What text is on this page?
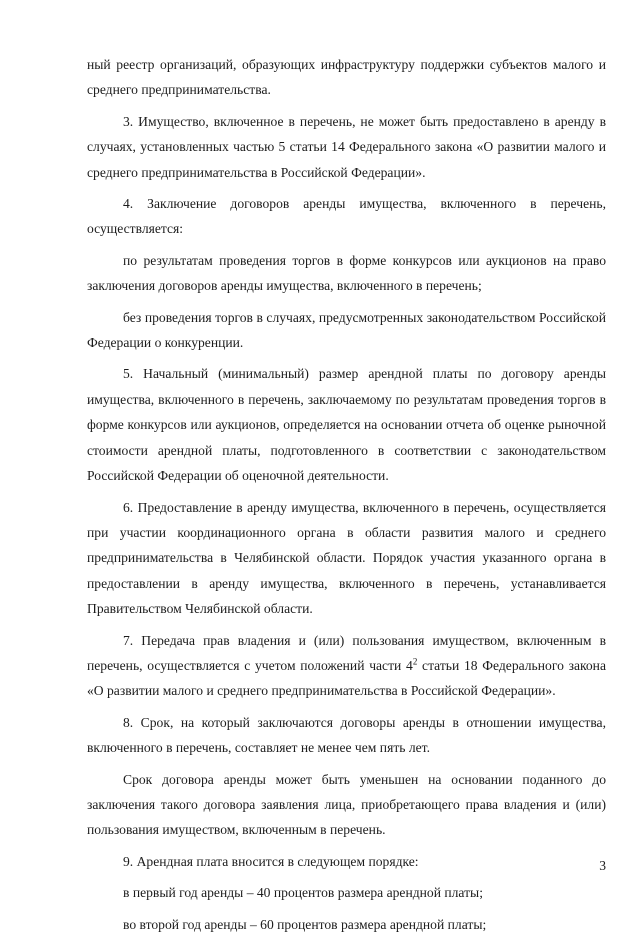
ный реестр организаций, образующих инфраструктуру поддержки субъектов малого и среднего предпринимательства.

3. Имущество, включенное в перечень, не может быть предоставлено в аренду в случаях, установленных частью 5 статьи 14 Федерального закона «О развитии малого и среднего предпринимательства в Российской Федерации».

4. Заключение договоров аренды имущества, включенного в перечень, осуществляется:

по результатам проведения торгов в форме конкурсов или аукционов на право заключения договоров аренды имущества, включенного в перечень;

без проведения торгов в случаях, предусмотренных законодательством Российской Федерации о конкуренции.

5. Начальный (минимальный) размер арендной платы по договору аренды имущества, включенного в перечень, заключаемому по результатам проведения торгов в форме конкурсов или аукционов, определяется на основании отчета об оценке рыночной стоимости арендной платы, подготовленного в соответствии с законодательством Российской Федерации об оценочной деятельности.

6. Предоставление в аренду имущества, включенного в перечень, осуществляется при участии координационного органа в области развития малого и среднего предпринимательства в Челябинской области. Порядок участия указанного органа в предоставлении в аренду имущества, включенного в перечень, устанавливается Правительством Челябинской области.

7. Передача прав владения и (или) пользования имуществом, включенным в перечень, осуществляется с учетом положений части $4^2$ статьи 18 Федерального закона «О развитии малого и среднего предпринимательства в Российской Федерации».

8. Срок, на который заключаются договоры аренды в отношении имущества, включенного в перечень, составляет не менее чем пять лет.

Срок договора аренды может быть уменьшен на основании поданного до заключения такого договора заявления лица, приобретающего права владения и (или) пользования имуществом, включенным в перечень.

9. Арендная плата вносится в следующем порядке:

в первый год аренды – 40 процентов размера арендной платы;

во второй год аренды – 60 процентов размера арендной платы;

3
